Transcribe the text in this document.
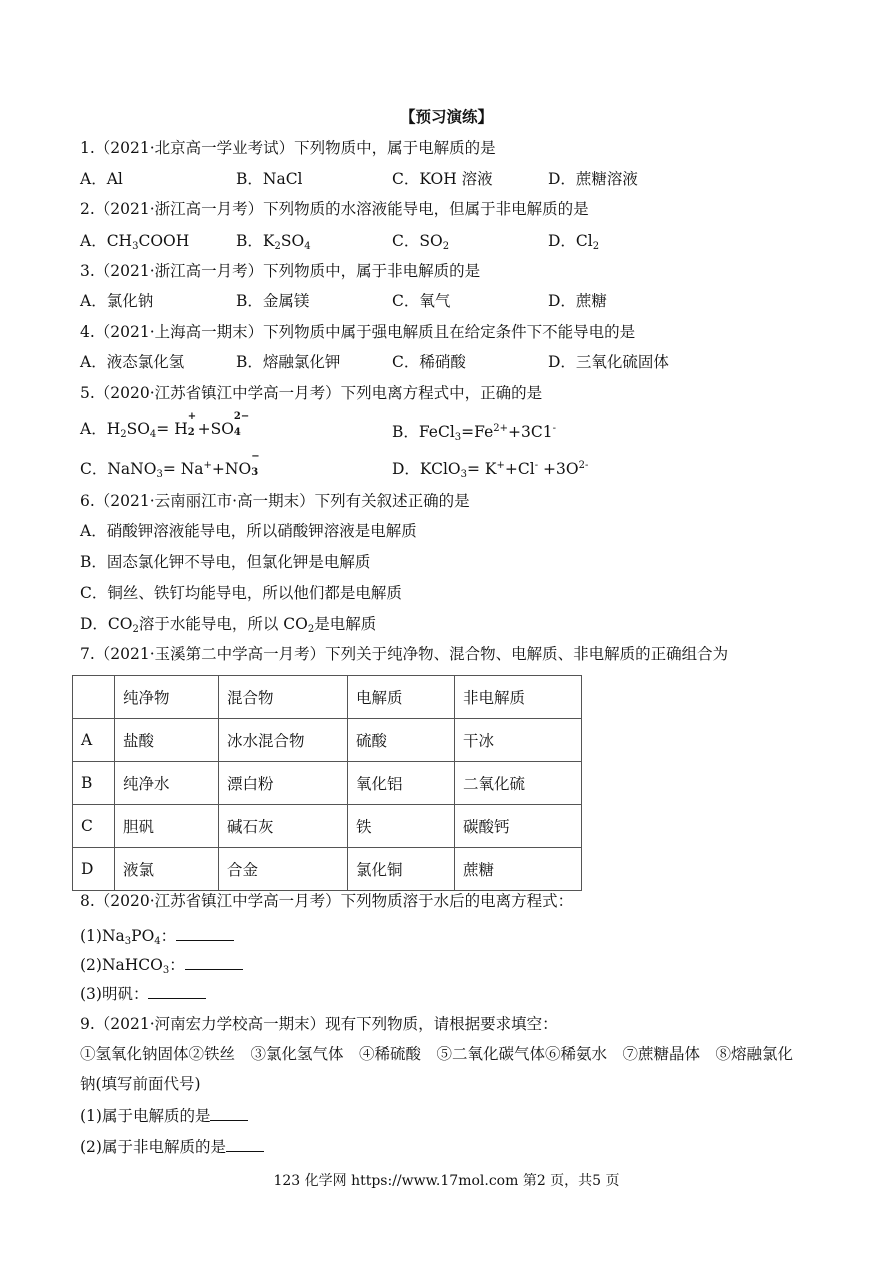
【预习演练】
1.（2021·北京高一学业考试）下列物质中，属于电解质的是
A．Al	B．NaCl	C．KOH 溶液	D．蔗糖溶液
2.（2021·浙江高一月考）下列物质的水溶液能导电，但属于非电解质的是
A．$CH_3COOH$	B．$K_2SO_4$	C．$SO_2$	D．$Cl_2$
3.（2021·浙江高一月考）下列物质中，属于非电解质的是
A．氯化钠	B．金属镁	C．氧气	D．蔗糖
4.（2021·上海高一期末）下列物质中属于强电解质且在给定条件下不能导电的是
A．液态氯化氢	B．熔融氯化钾	C．稀硝酸	D．三氧化硫固体
5.（2020·江苏省镇江中学高一月考）下列电离方程式中，正确的是
A．$H_2SO_4= H$
+
2 +SO
2−
4
	B．$FeCl_3=Fe^{2+}+3C1^-$
C．NaNO$_3$= Na++NO
−
3
	D．KClO$_3$= $K^++Cl^- +3O^{2-}$
6.（2021·云南丽江市·高一期末）下列有关叙述正确的是
A．硝酸钾溶液能导电，所以硝酸钾溶液是电解质
B．固态氯化钾不导电，但氯化钾是电解质
C．铜丝、铁钉均能导电，所以他们都是电解质
D．$CO_2$溶于水能导电，所以 $CO_2$是电解质
7.（2021·玉溪第二中学高一月考）下列关于纯净物、混合物、电解质、非电解质的正确组合为
	纯净物	混合物	电解质	非电解质
A	盐酸	冰水混合物	硫酸	干冰
B	纯净水	漂白粉	氧化铝	二氧化硫
C	胆矾	碱石灰	铁	碳酸钙
D	液氯	合金	氯化铜	蔗糖
8.（2020·江苏省镇江中学高一月考）下列物质溶于水后的电离方程式：
$(1)Na_3PO_4$：
(2)NaHCO$_3$：
(3)明矾：
9.（2021·河南宏力学校高一期末）现有下列物质，请根据要求填空：
①氢氧化钠固体②铁丝　③氯化氢气体　④稀硫酸　⑤二氧化碳气体⑥稀氨水　⑦蔗糖晶体　⑧熔融氯化
钠(填写前面代号)
(1)属于电解质的是
(2)属于非电解质的是
123 化学网 https://www.17mol.com 第2 页，共5 页
